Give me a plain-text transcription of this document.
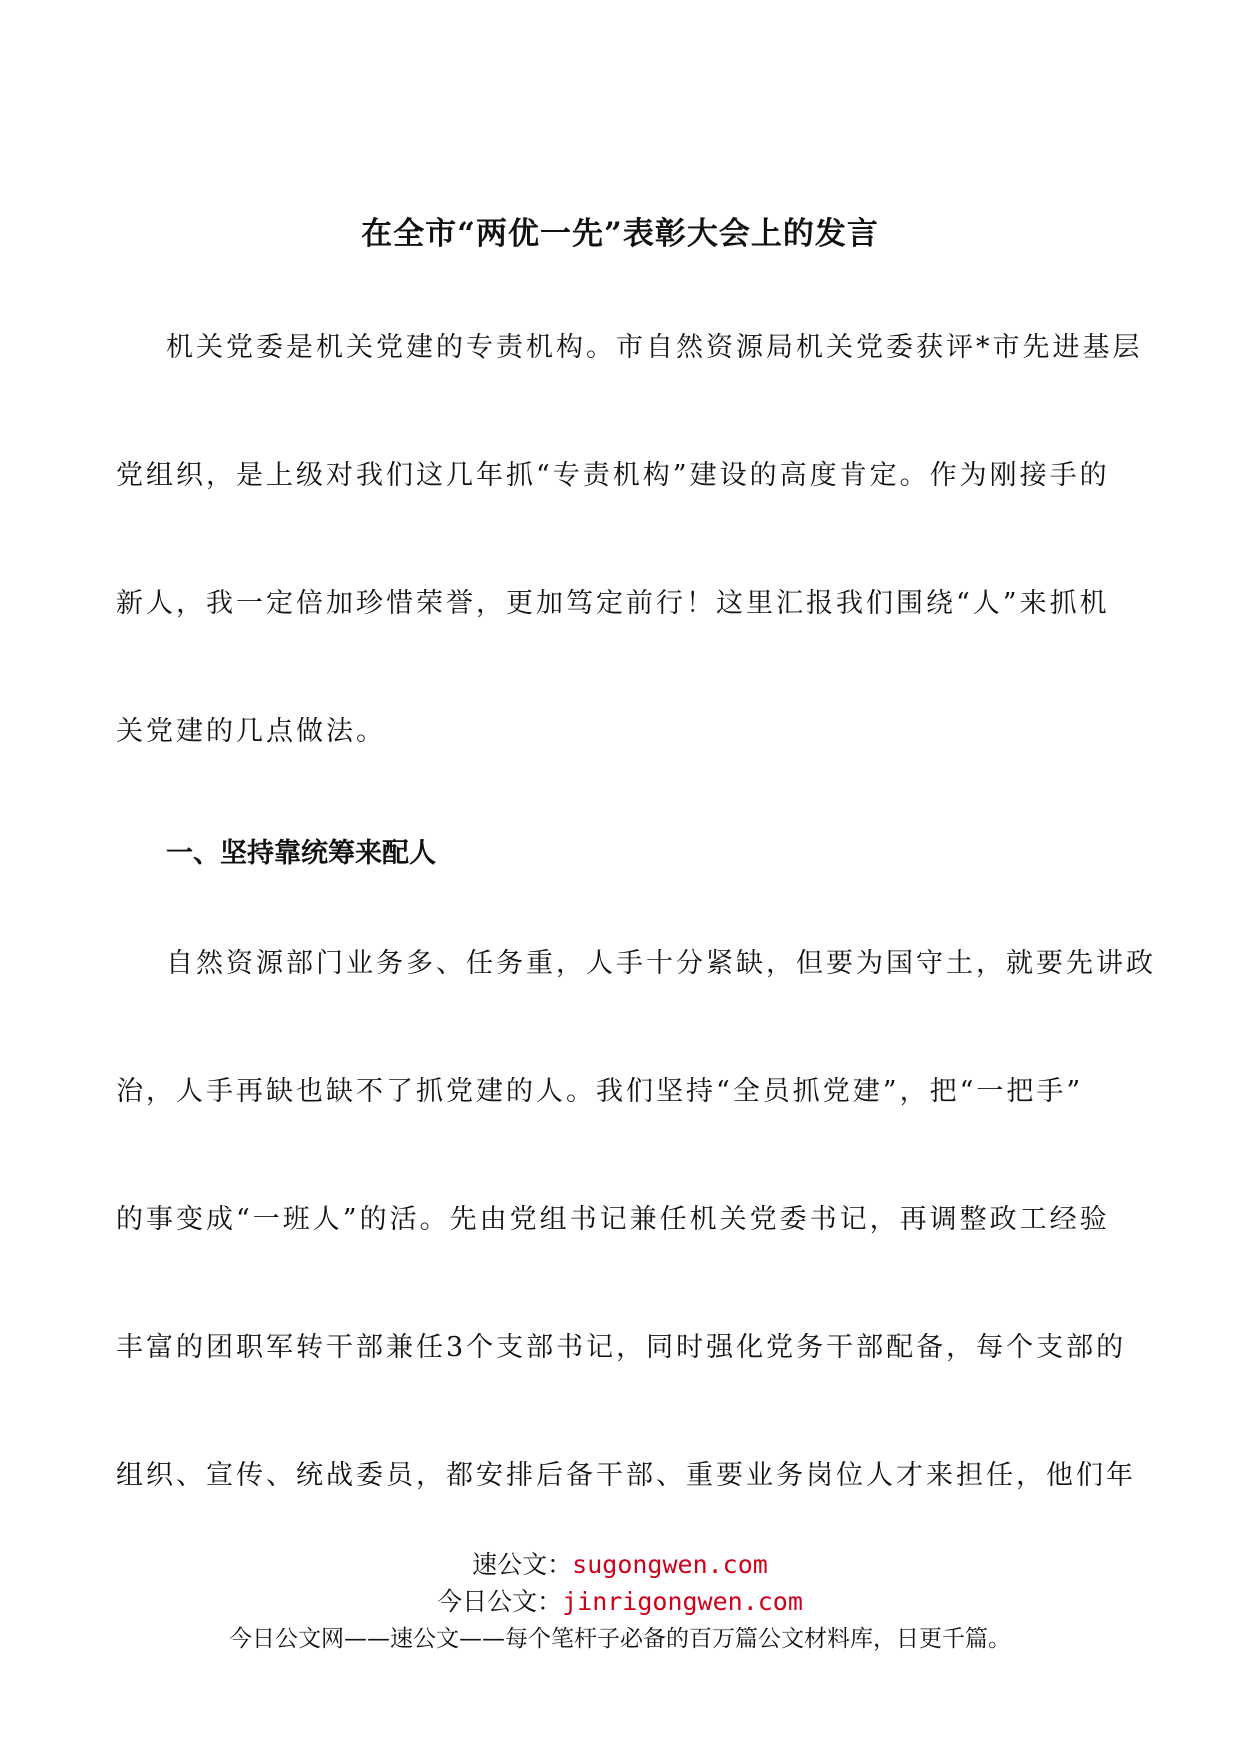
在全市“两优一先”表彰大会上的发言
机关党委是机关党建的专责机构。市自然资源局机关党委获评*市先进基层
党组织，是上级对我们这几年抓“专责机构”建设的高度肯定。作为刚接手的
新人，我一定倍加珍惜荣誉，更加笃定前行！这里汇报我们围绕“人”来抓机
关党建的几点做法。
一、坚持靠统筹来配人
自然资源部门业务多、任务重，人手十分紧缺，但要为国守土，就要先讲政
治，人手再缺也缺不了抓党建的人。我们坚持“全员抓党建”，把“一把手”
的事变成“一班人”的活。先由党组书记兼任机关党委书记，再调整政工经验
丰富的团职军转干部兼任3个支部书记，同时强化党务干部配备，每个支部的
组织、宣传、统战委员，都安排后备干部、重要业务岗位人才来担任，他们年
速公文：sugongwen.com
今日公文：jinrigongwen.com
今日公文网——速公文——每个笔杆子必备的百万篇公文材料库，日更千篇。
